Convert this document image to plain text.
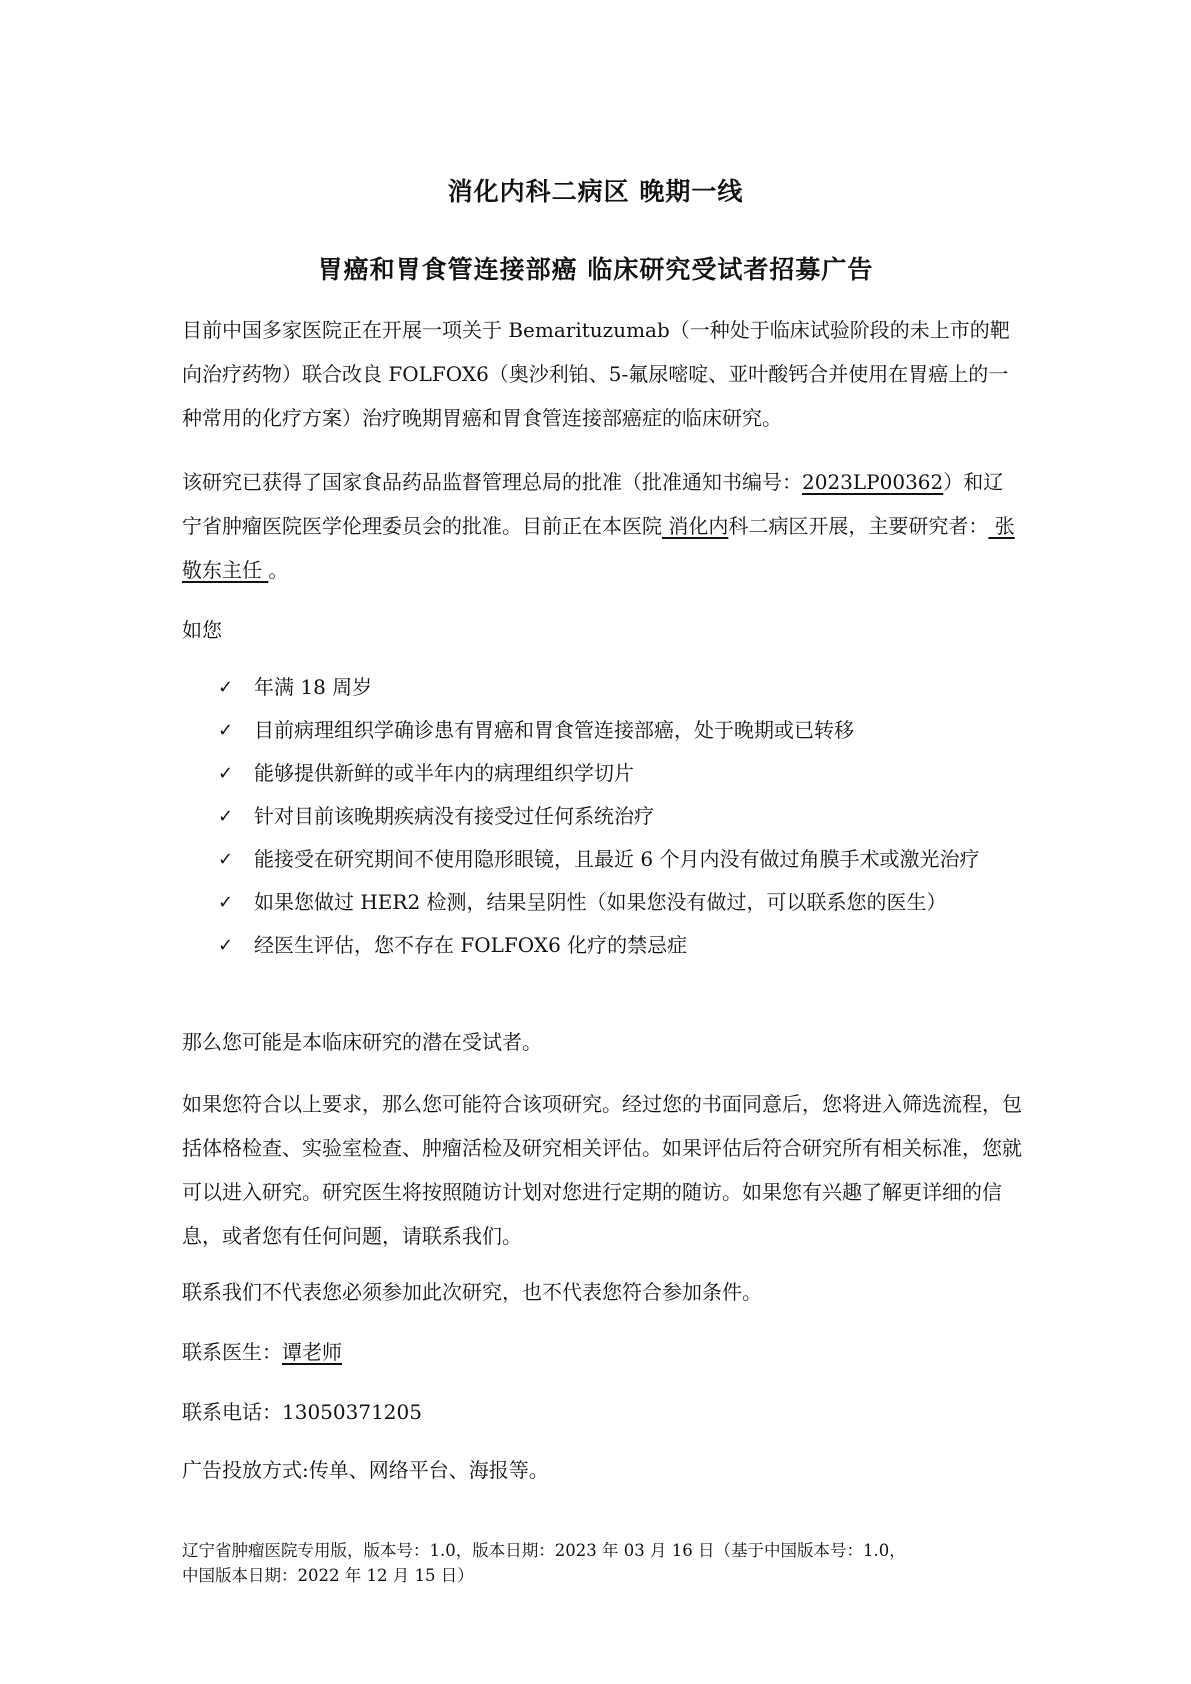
消化内科二病区 晚期一线
胃癌和胃食管连接部癌 临床研究受试者招募广告
目前中国多家医院正在开展一项关于 Bemarituzumab（一种处于临床试验阶段的未上市的靶向治疗药物）联合改良 FOLFOX6（奥沙利铂、5-氟尿嘧啶、亚叶酸钙合并使用在胃癌上的一种常用的化疗方案）治疗晚期胃癌和胃食管连接部癌症的临床研究。
该研究已获得了国家食品药品监督管理总局的批准（批准通知书编号：2023LP00362）和辽宁省肿瘤医院医学伦理委员会的批准。目前正在本医院 消化内科二病区开展，主要研究者： 张敬东主任 。
如您
✓	年满 18 周岁
✓	目前病理组织学确诊患有胃癌和胃食管连接部癌，处于晚期或已转移
✓	能够提供新鲜的或半年内的病理组织学切片
✓	针对目前该晚期疾病没有接受过任何系统治疗
✓	能接受在研究期间不使用隐形眼镜，且最近 6 个月内没有做过角膜手术或激光治疗
✓	如果您做过 HER2 检测，结果呈阴性（如果您没有做过，可以联系您的医生）
✓	经医生评估，您不存在 FOLFOX6 化疗的禁忌症
那么您可能是本临床研究的潜在受试者。
如果您符合以上要求，那么您可能符合该项研究。经过您的书面同意后，您将进入筛选流程，包括体格检查、实验室检查、肿瘤活检及研究相关评估。如果评估后符合研究所有相关标准，您就可以进入研究。研究医生将按照随访计划对您进行定期的随访。如果您有兴趣了解更详细的信息，或者您有任何问题，请联系我们。
联系我们不代表您必须参加此次研究，也不代表您符合参加条件。
联系医生：谭老师
联系电话：13050371205
广告投放方式:传单、网络平台、海报等。
辽宁省肿瘤医院专用版，版本号：1.0，版本日期：2023 年 03 月 16 日（基于中国版本号：1.0，
中国版本日期：2022 年 12 月 15 日）
